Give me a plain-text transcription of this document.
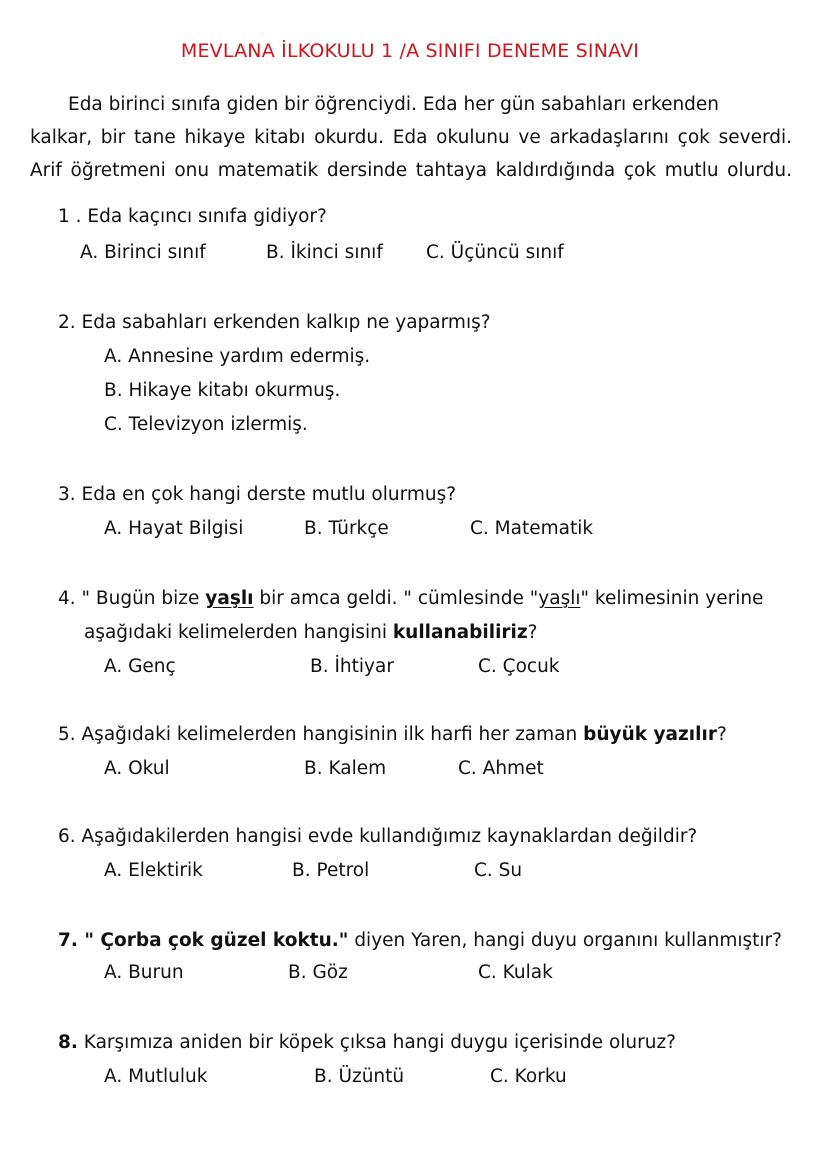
MEVLANA İLKOKULU 1 /A SINIFI DENEME SINAVI
Eda birinci sınıfa giden bir öğrenciydi. Eda her gün sabahları erkenden
kalkar, bir tane hikaye kitabı okurdu. Eda okulunu ve arkadaşlarını çok severdi.
Arif öğretmeni onu matematik dersinde tahtaya kaldırdığında çok mutlu olurdu.
1 . Eda kaçıncı sınıfa gidiyor?
A. Birinci sınıf	B. İkinci sınıf C. Üçüncü sınıf
2. Eda sabahları erkenden kalkıp ne yaparmış?
A. Annesine yardım edermiş.
B. Hikaye kitabı okurmuş.
C. Televizyon izlermiş.
3. Eda en çok hangi derste mutlu olurmuş?
A. Hayat Bilgisi	B. Türkçe	C. Matematik
4. " Bugün bize yaşlı bir amca geldi. " cümlesinde "yaşlı" kelimesinin yerine
aşağıdaki kelimelerden hangisini kullanabiliriz?
A. Genç	B. İhtiyar	C. Çocuk
5. Aşağıdaki kelimelerden hangisinin ilk harfi her zaman büyük yazılır?
A. Okul	B. Kalem	C. Ahmet
6. Aşağıdakilerden hangisi evde kullandığımız kaynaklardan değildir?
A. Elektirik	B. Petrol	C. Su
7. " Çorba çok güzel koktu." diyen Yaren, hangi duyu organını kullanmıştır?
A. Burun	B. Göz	C. Kulak
8. Karşımıza aniden bir köpek çıksa hangi duygu içerisinde oluruz?
A. Mutluluk	B. Üzüntü	C. Korku
